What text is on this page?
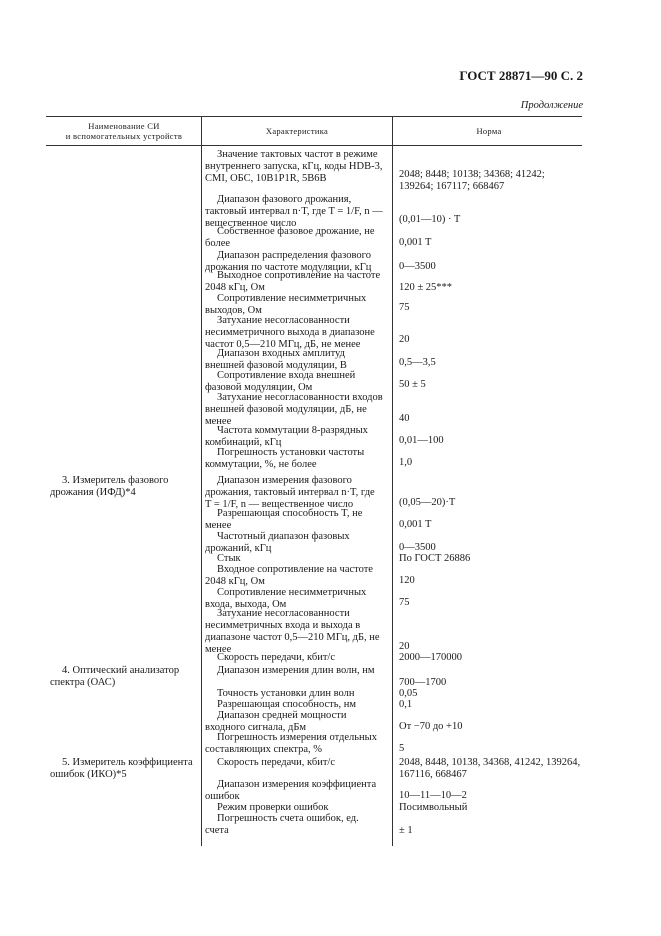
ГОСТ 28871—90 С. 2
Продолжение
Наименование СИ
и вспомогательных устройств	Характеристика	Норма
Значение тактовых частот в режиме внутреннего запуска, кГц, коды HDB-3, CMI, ОБС, 10B1P1R, 5B6B
Диапазон фазового дрожания, тактовый интервал n·T, где T = 1/F, n — вещественное число
Собственное фазовое дрожание, не более
Диапазон распределения фазового дрожания по частоте модуляции, кГц
Выходное сопротивление на частоте 2048 кГц, Ом
Сопротивление несимметричных выходов, Ом
Затухание несогласованности несимметричного выхода в диапазоне частот 0,5—210 МГц, дБ, не менее
Диапазон входных амплитуд внешней фазовой модуляции, В
Сопротивление входа внешней фазовой модуляции, Ом
Затухание несогласованности входов внешней фазовой модуляции, дБ, не менее
Частота коммутации 8-разрядных комбинаций, кГц
Погрешность установки частоты коммутации, %, не более
Диапазон измерения фазового дрожания, тактовый интервал n·T, где T = 1/F, n — вещественное число
Разрешающая способность T, не менее
Частотный диапазон фазовых дрожаний, кГц
Стык
Входное сопротивление на частоте 2048 кГц, Ом
Сопротивление несимметричных входа, выхода, Ом
Затухание несогласованности несимметричных входа и выхода в диапазоне частот 0,5—210 МГц, дБ, не менее
Скорость передачи, кбит/с
Диапазон измерения длин волн, нм
Точность установки длин волн
Разрешающая способность, нм
Диапазон средней мощности входного сигнала, дБм
Погрешность измерения отдельных составляющих спектра, %
Скорость передачи, кбит/с
Диапазон измерения коэффициента ошибок
Режим проверки ошибок
Погрешность счета ошибок, ед. счета
2048; 8448; 10138; 34368; 41242; 139264; 167117; 668467
(0,01—10) · T
0,001 T
0—3500
120 ± 25***
75
20
0,5—3,5
50 ± 5
40
0,01—100
1,0
(0,05—20)·T
0,001 T
0—3500
По ГОСТ 26886
120
75
20
2000—170000
700—1700
0,05
0,1
От −70 до +10
5
2048, 8448, 10138, 34368, 41242, 139264, 167116, 668467
10—11—10—2
Посимвольный
± 1
3. Измеритель фазового дрожания (ИФД)*4
4. Оптический анализатор спектра (ОАС)
5. Измеритель коэффициента ошибок (ИКО)*5
